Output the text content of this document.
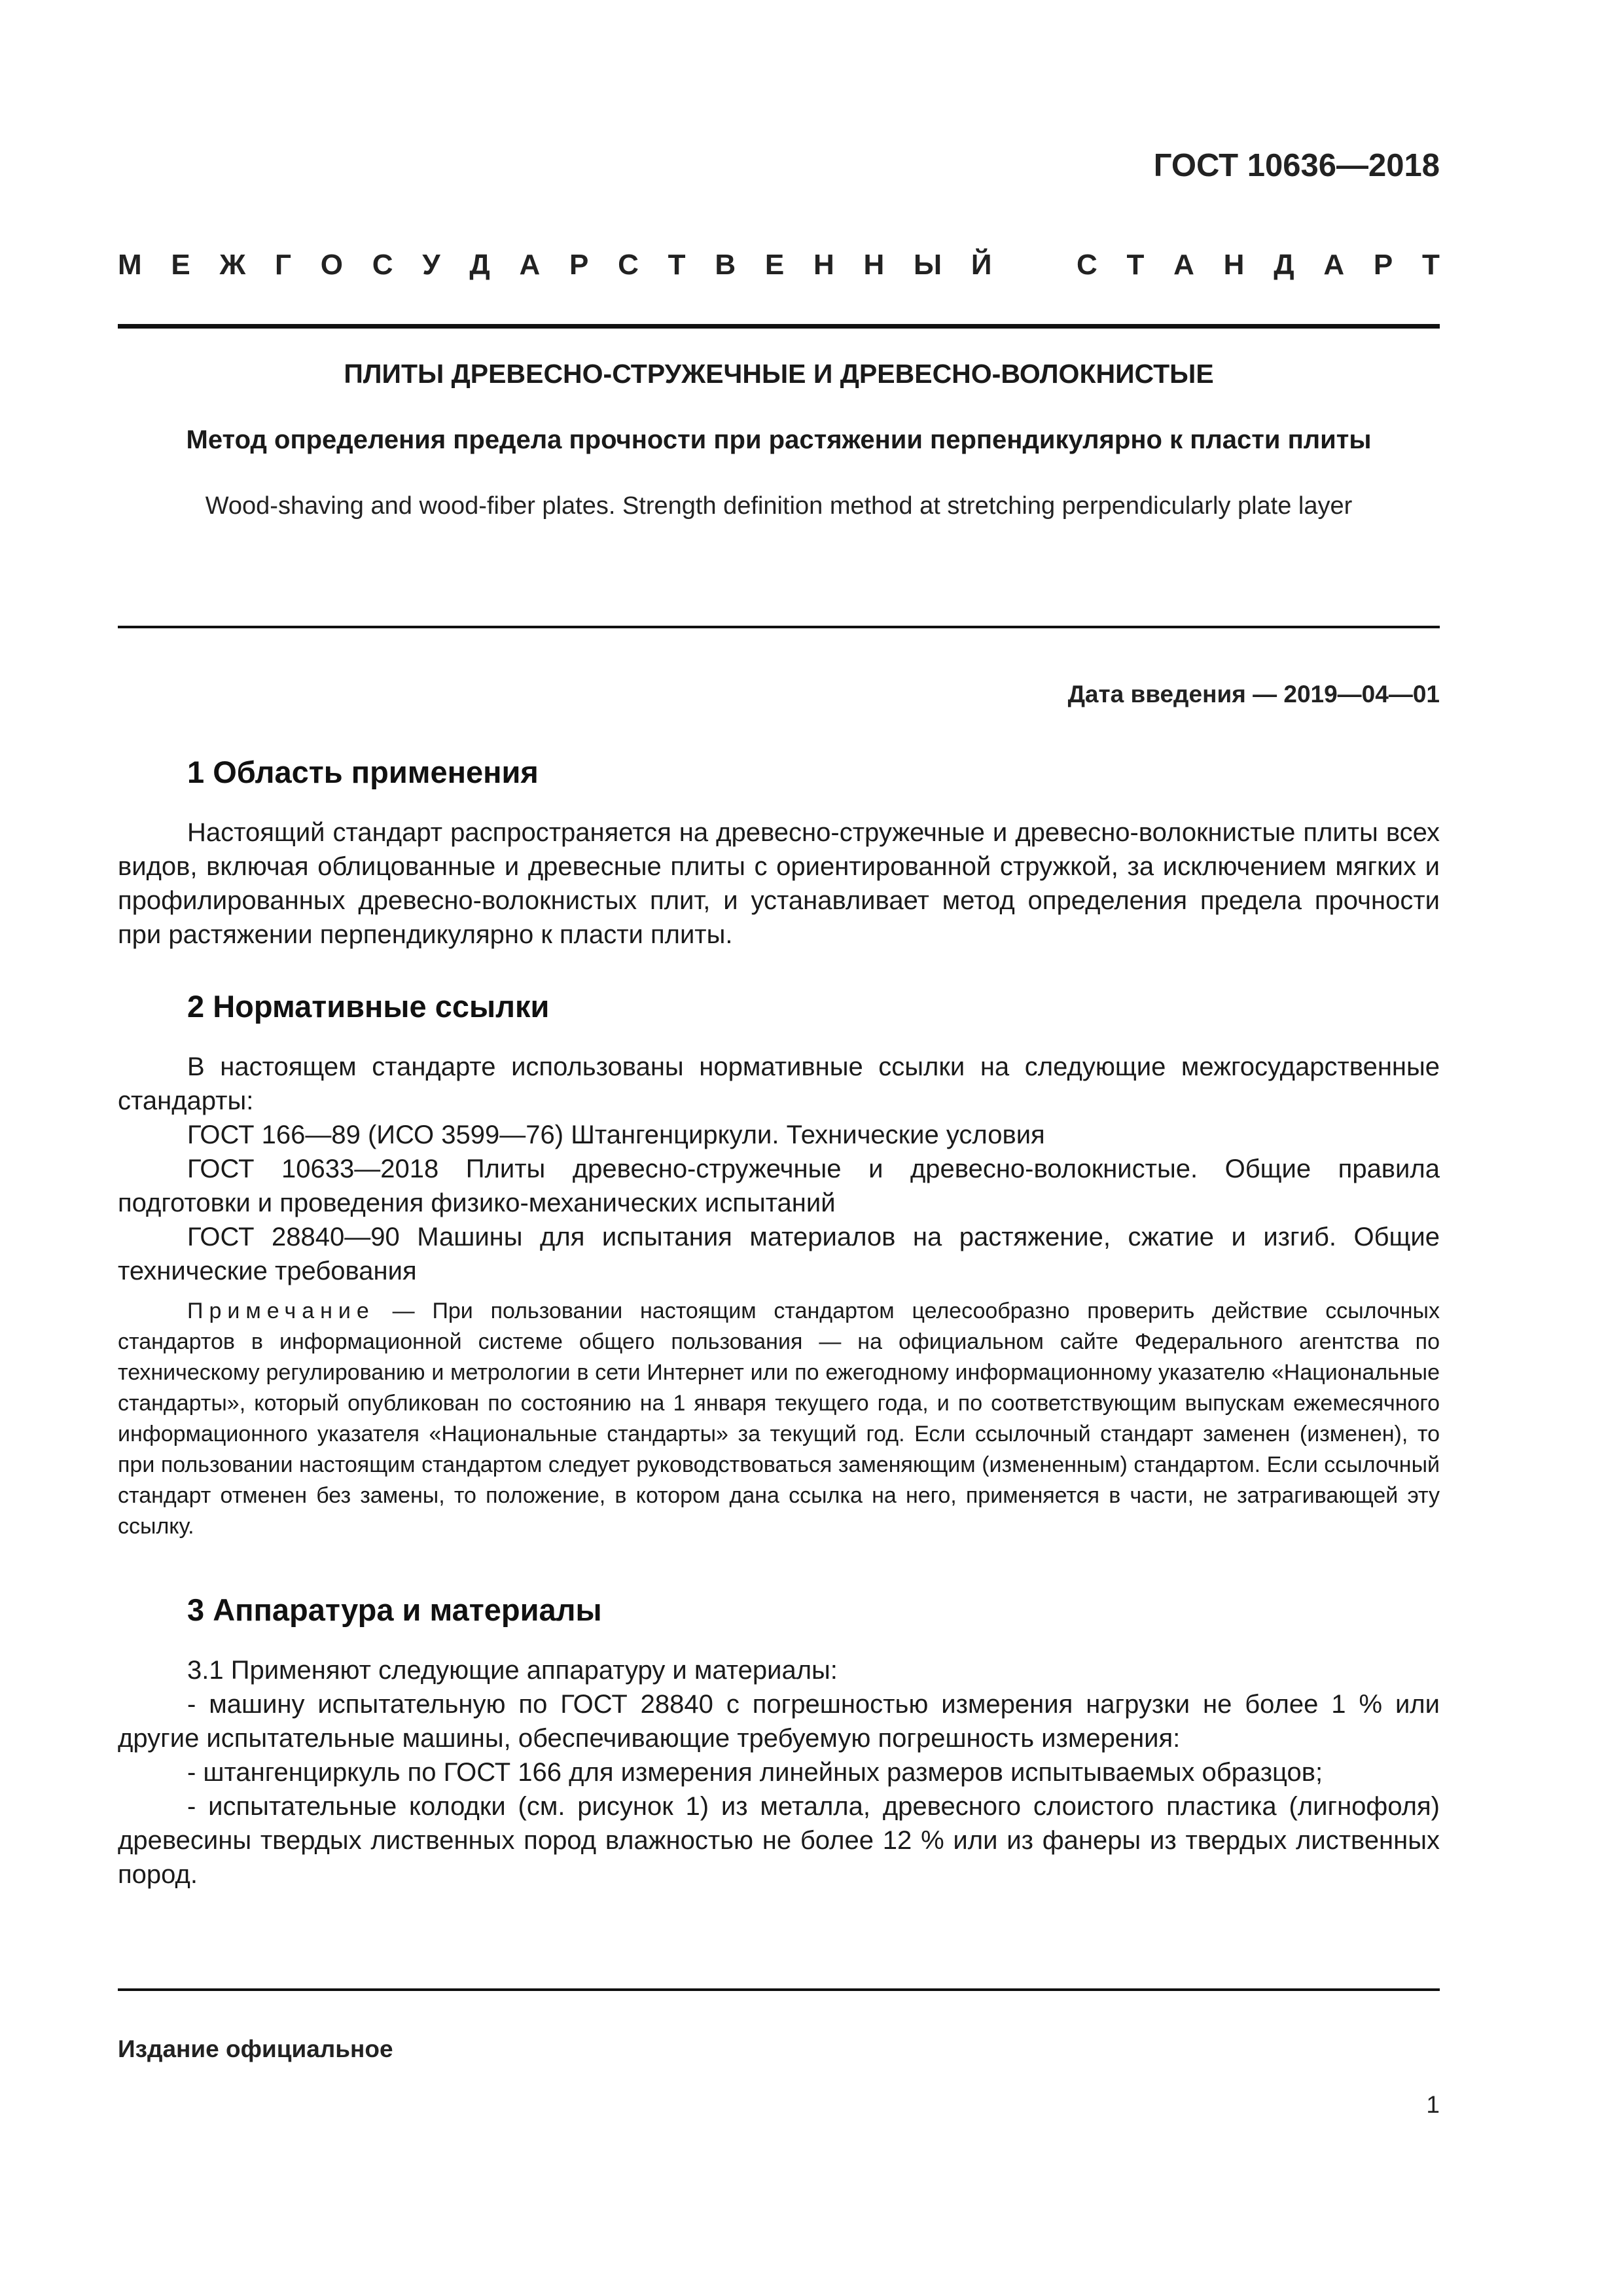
ГОСТ 10636—2018
М Е Ж Г О С У Д А Р С Т В Е Н Н Ы Й	С Т А Н Д А Р Т
ПЛИТЫ ДРЕВЕСНО-СТРУЖЕЧНЫЕ И ДРЕВЕСНО-ВОЛОКНИСТЫЕ
Метод определения предела прочности при растяжении перпендикулярно к пласти плиты
Wood-shaving and wood-fiber plates. Strength definition method at stretching perpendicularly plate layer
Дата введения — 2019—04—01
1 Область применения

Настоящий стандарт распространяется на древесно-стружечные и древесно-волокнистые плиты всех видов, включая облицованные и древесные плиты с ориентированной стружкой, за исключением мягких и профилированных древесно-волокнистых плит, и устанавливает метод определения предела прочности при растяжении перпендикулярно к пласти плиты.

2 Нормативные ссылки

В настоящем стандарте использованы нормативные ссылки на следующие межгосударственные стандарты:

ГОСТ 166—89 (ИСО 3599—76) Штангенциркули. Технические условия

ГОСТ 10633—2018 Плиты древесно-стружечные и древесно-волокнистые. Общие правила подготовки и проведения физико-механических испытаний

ГОСТ 28840—90 Машины для испытания материалов на растяжение, сжатие и изгиб. Общие технические требования

Примечание — При пользовании настоящим стандартом целесообразно проверить действие ссылочных стандартов в информационной системе общего пользования — на официальном сайте Федерального агентства по техническому регулированию и метрологии в сети Интернет или по ежегодному информационному указателю «Национальные стандарты», который опубликован по состоянию на 1 января текущего года, и по соответствующим выпускам ежемесячного информационного указателя «Национальные стандарты» за текущий год. Если ссылочный стандарт заменен (изменен), то при пользовании настоящим стандартом следует руководствоваться заменяющим (измененным) стандартом. Если ссылочный стандарт отменен без замены, то положение, в котором дана ссылка на него, применяется в части, не затрагивающей эту ссылку.

3 Аппаратура и материалы

3.1 Применяют следующие аппаратуру и материалы:

- машину испытательную по ГОСТ 28840 с погрешностью измерения нагрузки не более 1 % или другие испытательные машины, обеспечивающие требуемую погрешность измерения:

- штангенциркуль по ГОСТ 166 для измерения линейных размеров испытываемых образцов;

- испытательные колодки (см. рисунок 1) из металла, древесного слоистого пластика (лигнофоля) древесины твердых лиственных пород влажностью не более 12 % или из фанеры из твердых лиственных пород.

Издание официальное
1
